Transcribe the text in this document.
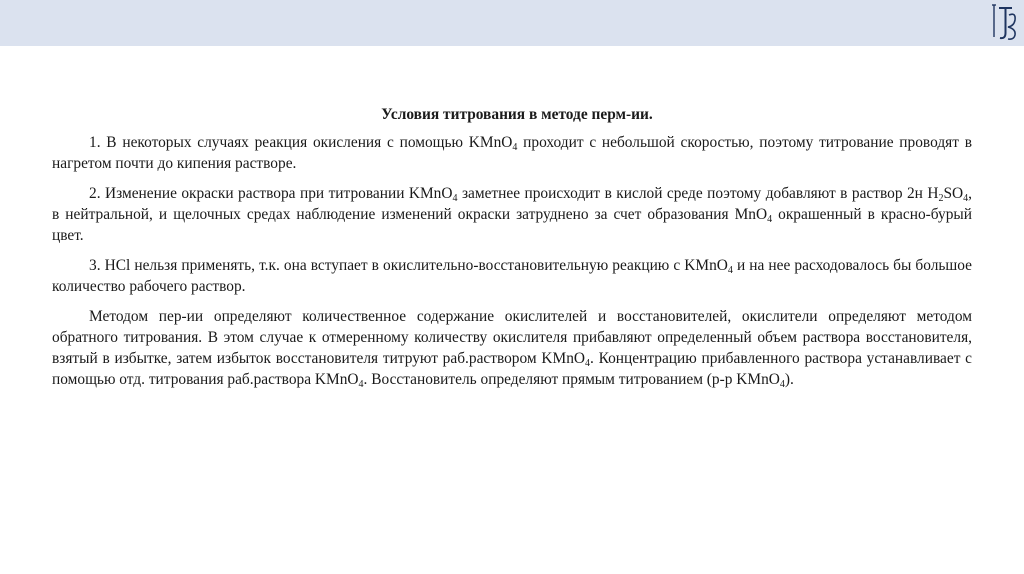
Условия титрования в методе перм-ии.

1. В некоторых случаях реакция окисления с помощью KMnO$_4$ проходит с небольшой скоростью, поэтому титрование проводят в нагретом почти до кипения растворе.

2. Изменение окраски раствора при титровании KMnO$_4$ заметнее происходит в кислой среде поэтому добавляют в раствор 2н $H_2SO_4$, в нейтральной, и щелочных средах наблюдение изменений окраски затруднено за счет образования MnO$_4$ окрашенный в красно-бурый цвет.

3. HCl нельзя применять, т.к. она вступает в окислительно-восстановительную реакцию с KMnO$_4$ и на нее расходовалось бы большое количество рабочего раствор.

Методом пер-ии определяют количественное содержание окислителей и восстановителей, окислители определяют методом обратного титрования. В этом случае к отмеренному количеству окислителя прибавляют определенный объем раствора восстановителя, взятый в избытке, затем избыток восстановителя титруют раб.раствором KMnO$_4$. Концентрацию прибавленного раствора устанавливает с помощью отд. титрования раб.раствора KMnO$_4$. Восстановитель определяют прямым титрованием (р-р KMnO$_4$).
